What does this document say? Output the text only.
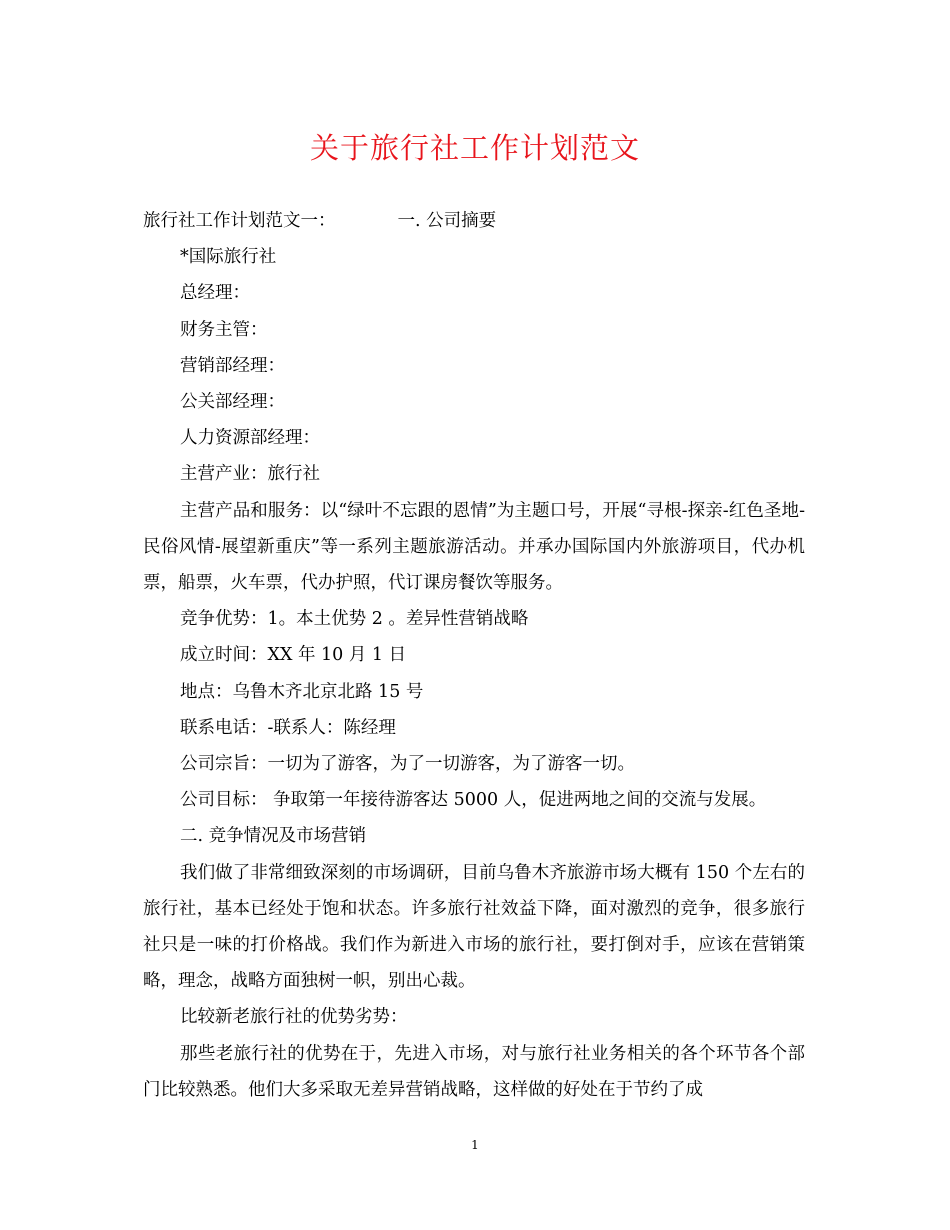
关于旅行社工作计划范文

旅行社工作计划范文一：	一. 公司摘要

*国际旅行社

总经理：

财务主管：

营销部经理：

公关部经理：

人力资源部经理：

主营产业：旅行社

主营产品和服务：以“绿叶不忘跟的恩情”为主题口号，开展“寻根-探亲-红色圣地-民俗风情-展望新重庆”等一系列主题旅游活动。并承办国际国内外旅游项目，代办机票，船票，火车票，代办护照，代订课房餐饮等服务。

竞争优势：1。本土优势 2 。差异性营销战略

成立时间：XX 年 10 月 1 日

地点：乌鲁木齐北京北路 15 号

联系电话：-联系人：陈经理

公司宗旨：一切为了游客，为了一切游客，为了游客一切。

公司目标： 争取第一年接待游客达 5000 人，促进两地之间的交流与发展。

二. 竞争情况及市场营销

我们做了非常细致深刻的市场调研，目前乌鲁木齐旅游市场大概有 150 个左右的旅行社，基本已经处于饱和状态。许多旅行社效益下降，面对激烈的竞争，很多旅行社只是一味的打价格战。我们作为新进入市场的旅行社，要打倒对手，应该在营销策略，理念，战略方面独树一帜，别出心裁。

比较新老旅行社的优势劣势：

那些老旅行社的优势在于，先进入市场，对与旅行社业务相关的各个环节各个部门比较熟悉。他们大多采取无差异营销战略，这样做的好处在于节约了成

1
